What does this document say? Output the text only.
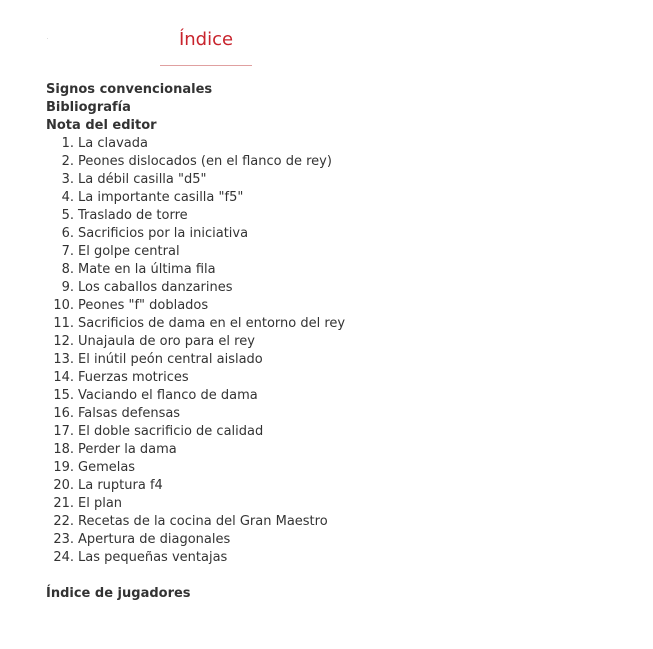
Índice
Signos convencionales
Bibliografía
Nota del editor
1. La clavada
2. Peones dislocados (en el flanco de rey)
3. La débil casilla "d5"
4. La importante casilla "f5"
5. Traslado de torre
6. Sacrificios por la iniciativa
7. El golpe central
8. Mate en la última fila
9. Los caballos danzarines
10. Peones "f" doblados
11. Sacrificios de dama en el entorno del rey
12. Unajaula de oro para el rey
13. El inútil peón central aislado
14. Fuerzas motrices
15. Vaciando el flanco de dama
16. Falsas defensas
17. El doble sacrificio de calidad
18. Perder la dama
19. Gemelas
20. La ruptura f4
21. El plan
22. Recetas de la cocina del Gran Maestro
23. Apertura de diagonales
24. Las pequeñas ventajas
Índice de jugadores
